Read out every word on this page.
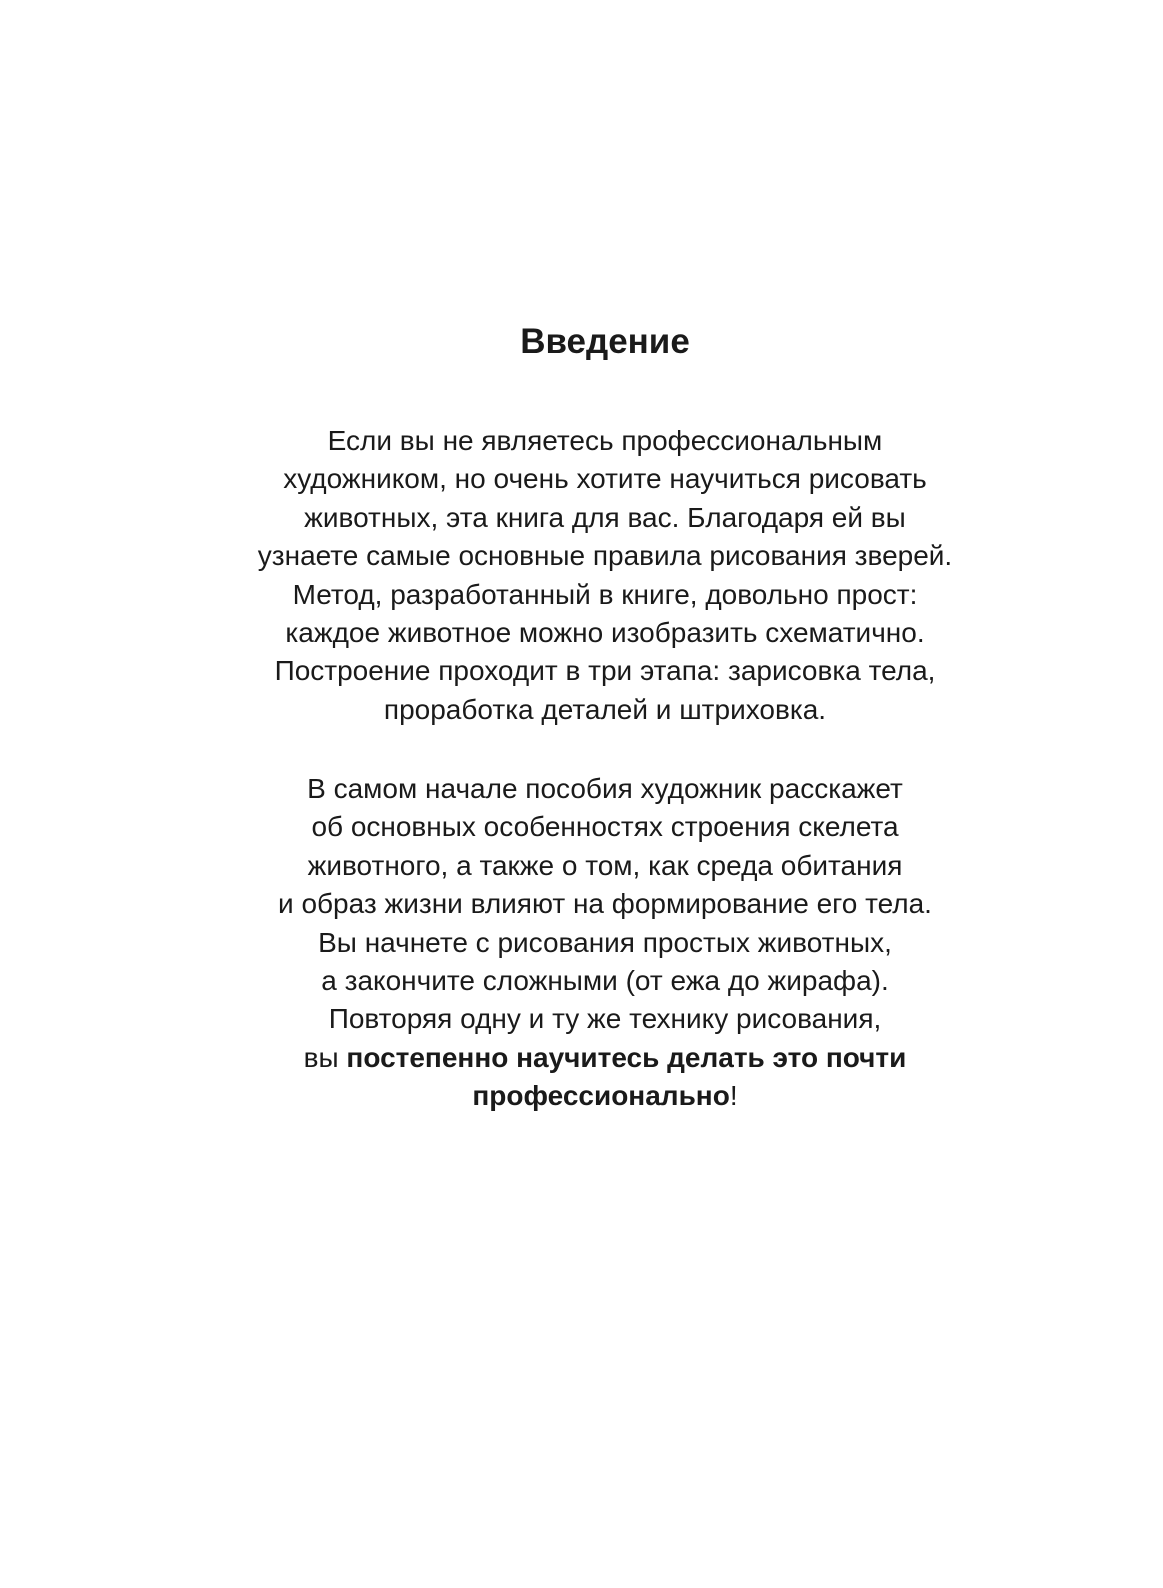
Введение

Если вы не являетесь профессиональным
художником, но очень хотите научиться рисовать
животных, эта книга для вас. Благодаря ей вы
узнаете самые основные правила рисования зверей.
Метод, разработанный в книге, довольно прост:
каждое животное можно изобразить схематично.
Построение проходит в три этапа: зарисовка тела,
проработка деталей и штриховка.

В самом начале пособия художник расскажет
об основных особенностях строения скелета
животного, а также о том, как среда обитания
и образ жизни влияют на формирование его тела.
Вы начнете с рисования простых животных,
а закончите сложными (от ежа до жирафа).
Повторяя одну и ту же технику рисования,
вы постепенно научитесь делать это почти
профессионально!
